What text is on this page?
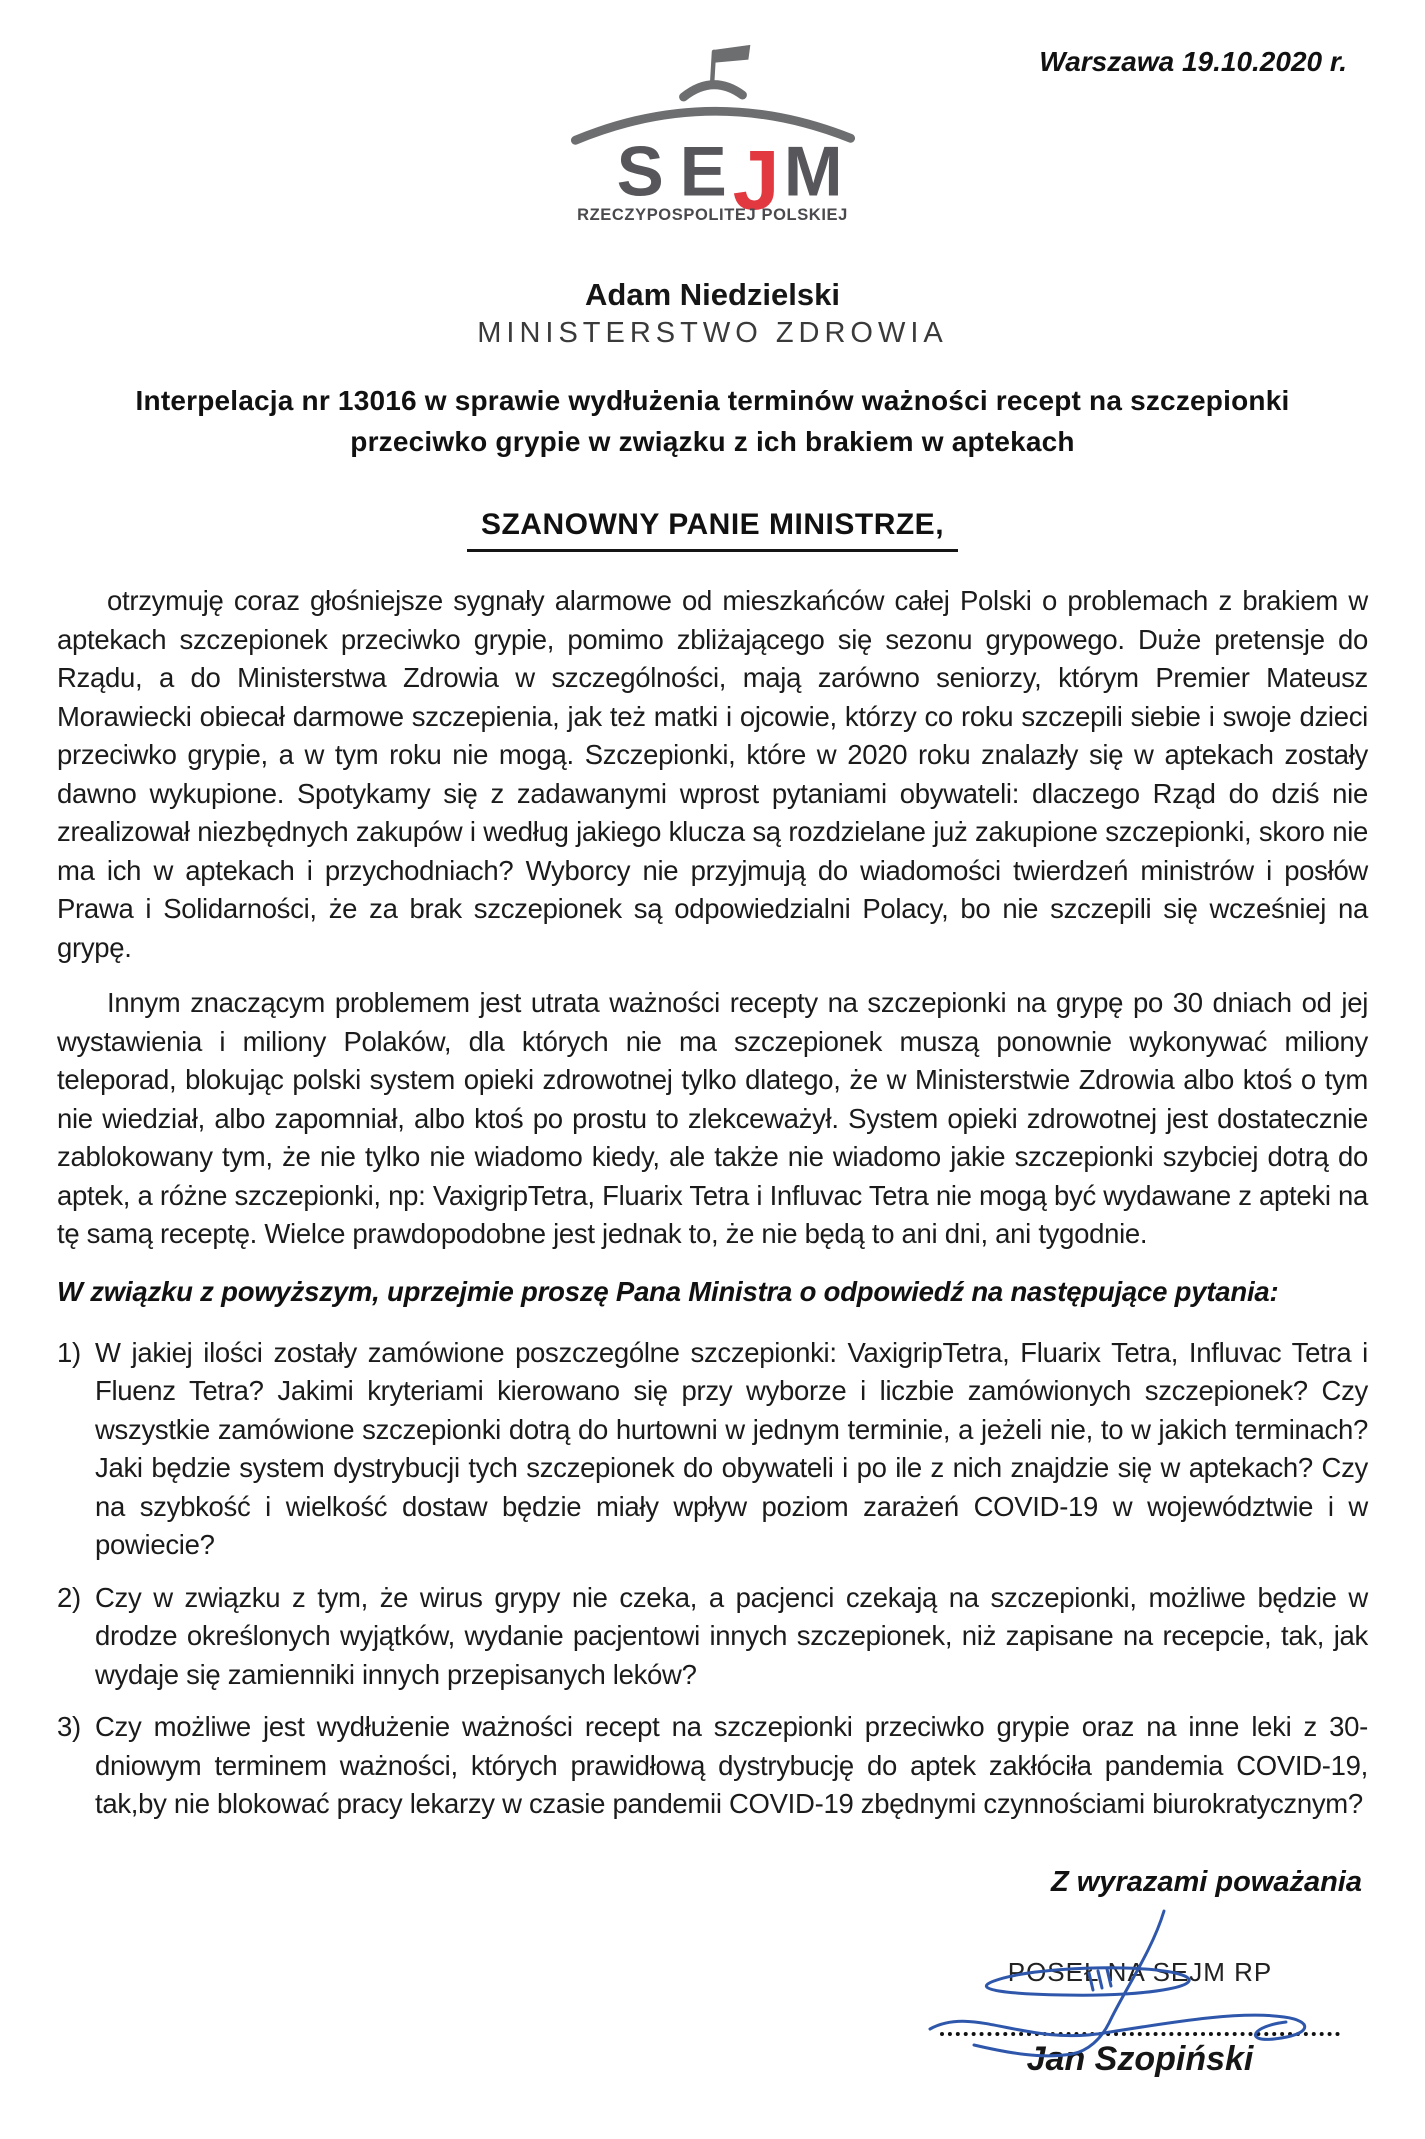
Warszawa 19.10.2020 r.
S E J M
RZECZYPOSPOLITEJ POLSKIEJ
Adam Niedzielski
MINISTERSTWO ZDROWIA
Interpelacja nr 13016 w sprawie wydłużenia terminów ważności recept na szczepionki przeciwko grypie w związku z ich brakiem w aptekach
SZANOWNY PANIE MINISTRZE,

otrzymuję coraz głośniejsze sygnały alarmowe od mieszkańców całej Polski o problemach z brakiem w aptekach szczepionek przeciwko grypie, pomimo zbliżającego się sezonu grypowego. Duże pretensje do Rządu, a do Ministerstwa Zdrowia w szczególności, mają zarówno seniorzy, którym Premier Mateusz Morawiecki obiecał darmowe szczepienia, jak też matki i ojcowie, którzy co roku szczepili siebie i swoje dzieci przeciwko grypie, a w tym roku nie mogą. Szczepionki, które w 2020 roku znalazły się w aptekach zostały dawno wykupione. Spotykamy się z zadawanymi wprost pytaniami obywateli: dlaczego Rząd do dziś nie zrealizował niezbędnych zakupów i według jakiego klucza są rozdzielane już zakupione szczepionki, skoro nie ma ich w aptekach i przychodniach? Wyborcy nie przyjmują do wiadomości twierdzeń ministrów i posłów Prawa i Solidarności, że za brak szczepionek są odpowiedzialni Polacy, bo nie szczepili się wcześniej na grypę.

Innym znaczącym problemem jest utrata ważności recepty na szczepionki na grypę po 30 dniach od jej wystawienia i miliony Polaków, dla których nie ma szczepionek muszą ponownie wykonywać miliony teleporad, blokując polski system opieki zdrowotnej tylko dlatego, że w Ministerstwie Zdrowia albo ktoś o tym nie wiedział, albo zapomniał, albo ktoś po prostu to zlekceważył. System opieki zdrowotnej jest dostatecznie zablokowany tym, że nie tylko nie wiadomo kiedy, ale także nie wiadomo jakie szczepionki szybciej dotrą do aptek, a różne szczepionki, np: VaxigripTetra, Fluarix Tetra i Influvac Tetra nie mogą być wydawane z apteki na tę samą receptę. Wielce prawdopodobne jest jednak to, że nie będą to ani dni, ani tygodnie.

W związku z powyższym, uprzejmie proszę Pana Ministra o odpowiedź na następujące pytania:

1) W jakiej ilości zostały zamówione poszczególne szczepionki: VaxigripTetra, Fluarix Tetra, Influvac Tetra i Fluenz Tetra? Jakimi kryteriami kierowano się przy wyborze i liczbie zamówionych szczepionek? Czy wszystkie zamówione szczepionki dotrą do hurtowni w jednym terminie, a jeżeli nie, to w jakich terminach? Jaki będzie system dystrybucji tych szczepionek do obywateli i po ile z nich znajdzie się w aptekach? Czy na szybkość i wielkość dostaw będzie miały wpływ poziom zarażeń COVID-19 w województwie i w powiecie?
2) Czy w związku z tym, że wirus grypy nie czeka, a pacjenci czekają na szczepionki, możliwe będzie w drodze określonych wyjątków, wydanie pacjentowi innych szczepionek, niż zapisane na recepcie, tak, jak wydaje się zamienniki innych przepisanych leków?
3) Czy możliwe jest wydłużenie ważności recept na szczepionki przeciwko grypie oraz na inne leki z 30-dniowym terminem ważności, których prawidłową dystrybucję do aptek zakłóciła pandemia COVID-19, tak,by nie blokować pracy lekarzy w czasie pandemii COVID-19 zbędnymi czynnościami biurokratycznym?
Z wyrazami poważania
POSEŁ NA SEJM RP
Jan Szopiński
